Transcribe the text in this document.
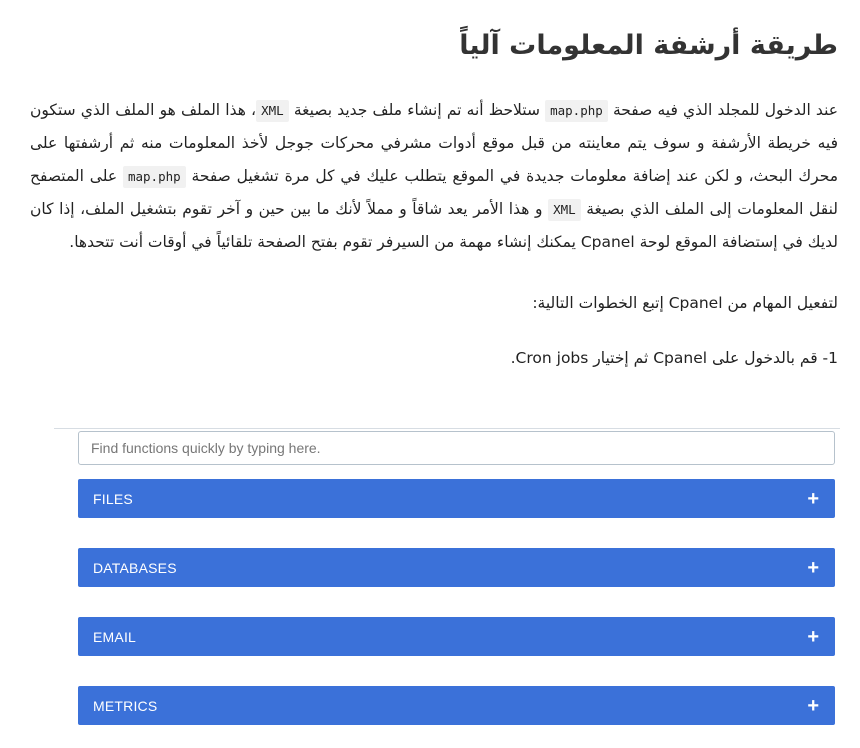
طريقة أرشفة المعلومات آلياً

عند الدخول للمجلد الذي فيه صفحة map.php ستلاحظ أنه تم إنشاء ملف جديد بصيغة XML، هذا الملف هو الملف الذي ستكون فيه خريطة الأرشفة و سوف يتم معاينته من قبل موقع أدوات مشرفي محركات جوجل لأخذ المعلومات منه ثم أرشفتها على محرك البحث، و لكن عند إضافة معلومات جديدة في الموقع يتطلب عليك في كل مرة تشغيل صفحة map.php على المتصفح لنقل المعلومات إلى الملف الذي بصيغة XML و هذا الأمر يعد شاقاً و مملاً لأنك ما بين حين و آخر تقوم بتشغيل الملف، إذا كان لديك في إستضافة الموقع لوحة Cpanel يمكنك إنشاء مهمة من السيرفر تقوم بفتح الصفحة تلقائياً في أوقات أنت تتحدها.

لتفعيل المهام من Cpanel إتبع الخطوات التالية:

1- قم بالدخول على Cpanel ثم إختيار Cron jobs.

Find functions quickly by typing here.
FILES	+
DATABASES	+
EMAIL	+
METRICS	+
